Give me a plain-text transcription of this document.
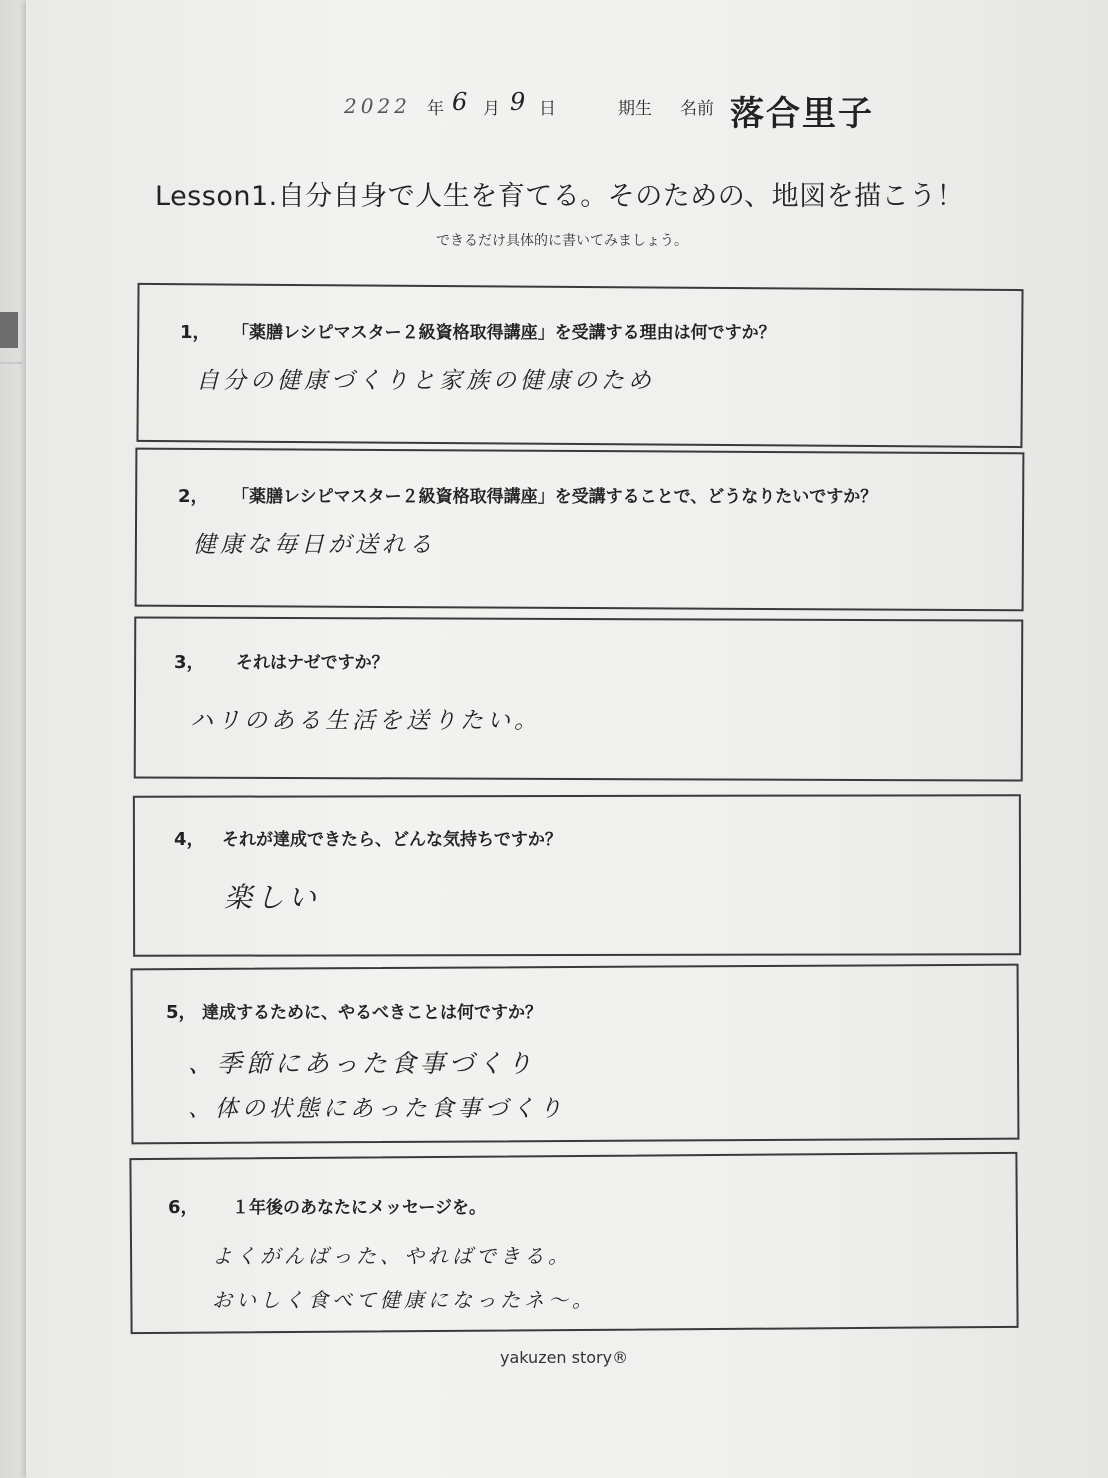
2022 年 6 月 9 日	期生 名前 落合里子
Lesson1.自分自身で人生を育てる。そのための、地図を描こう！
できるだけ具体的に書いてみましょう。
1， 「薬膳レシピマスター２級資格取得講座」を受講する理由は何ですか？
自分の健康づくりと家族の健康のため
2， 「薬膳レシピマスター２級資格取得講座」を受講することで、どうなりたいですか？
健康な毎日が送れる
3， それはナゼですか？
ハリのある生活を送りたい。
4， それが達成できたら、どんな気持ちですか？
楽しい
5， 達成するために、やるべきことは何ですか？
、季節にあった食事づくり
、体の状態にあった食事づくり
6， １年後のあなたにメッセージを。
よくがんばった、やればできる。
おいしく食べて健康になったネ～。
yakuzen story®
